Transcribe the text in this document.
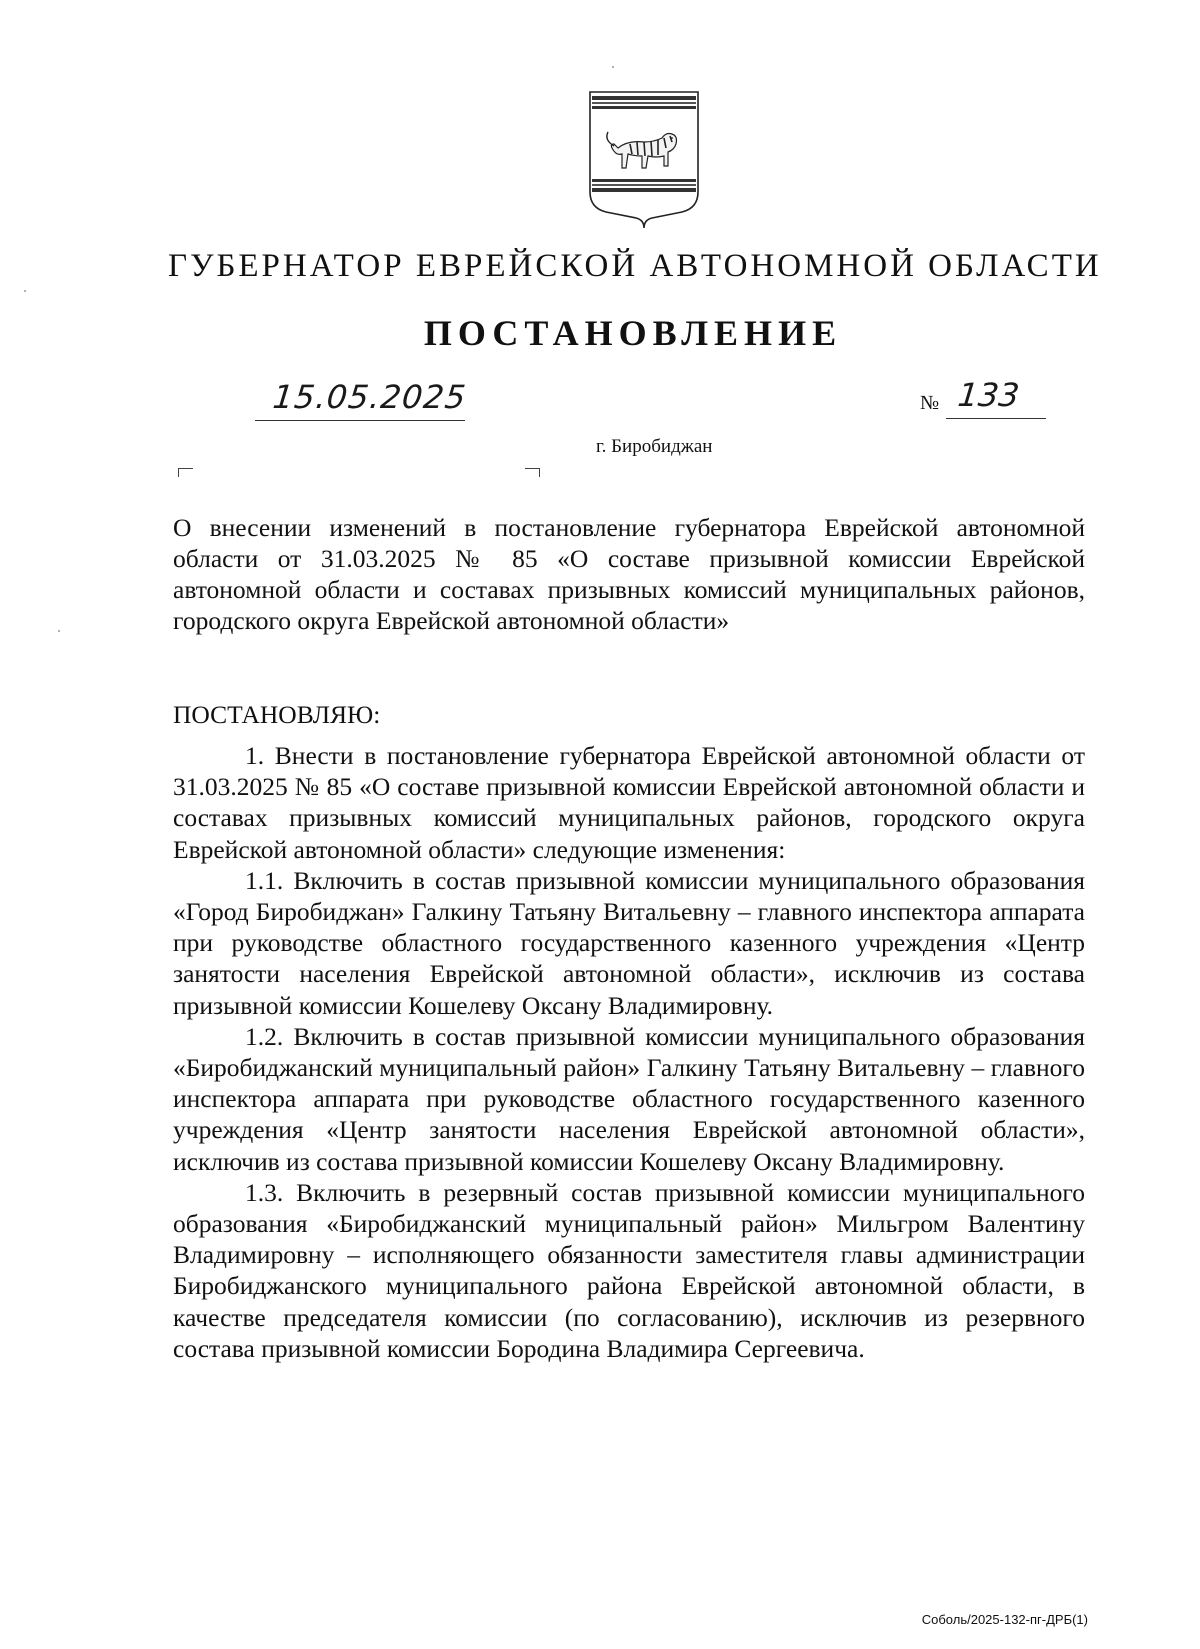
ГУБЕРНАТОР ЕВРЕЙСКОЙ АВТОНОМНОЙ ОБЛАСТИ
ПОСТАНОВЛЕНИЕ
15.05.2025	№ 133
г. Биробиджан
О внесении изменений в постановление губернатора Еврейской автономной области от 31.03.2025 № 85 «О составе призывной комиссии Еврейской автономной области и составах призывных комиссий муниципальных районов, городского округа Еврейской автономной области»
ПОСТАНОВЛЯЮ:

1. Внести в постановление губернатора Еврейской автономной области от 31.03.2025 № 85 «О составе призывной комиссии Еврейской автономной области и составах призывных комиссий муниципальных районов, городского округа Еврейской автономной области» следующие изменения:

1.1. Включить в состав призывной комиссии муниципального образования «Город Биробиджан» Галкину Татьяну Витальевну – главного инспектора аппарата при руководстве областного государственного казенного учреждения «Центр занятости населения Еврейской автономной области», исключив из состава призывной комиссии Кошелеву Оксану Владимировну.

1.2. Включить в состав призывной комиссии муниципального образования «Биробиджанский муниципальный район» Галкину Татьяну Витальевну – главного инспектора аппарата при руководстве областного государственного казенного учреждения «Центр занятости населения Еврейской автономной области», исключив из состава призывной комиссии Кошелеву Оксану Владимировну.

1.3. Включить в резервный состав призывной комиссии муниципального образования «Биробиджанский муниципальный район» Мильгром Валентину Владимировну – исполняющего обязанности заместителя главы администрации Биробиджанского муниципального района Еврейской автономной области, в качестве председателя комиссии (по согласованию), исключив из резервного состава призывной комиссии Бородина Владимира Сергеевича.

Соболь/2025-132-пг-ДРБ(1)
